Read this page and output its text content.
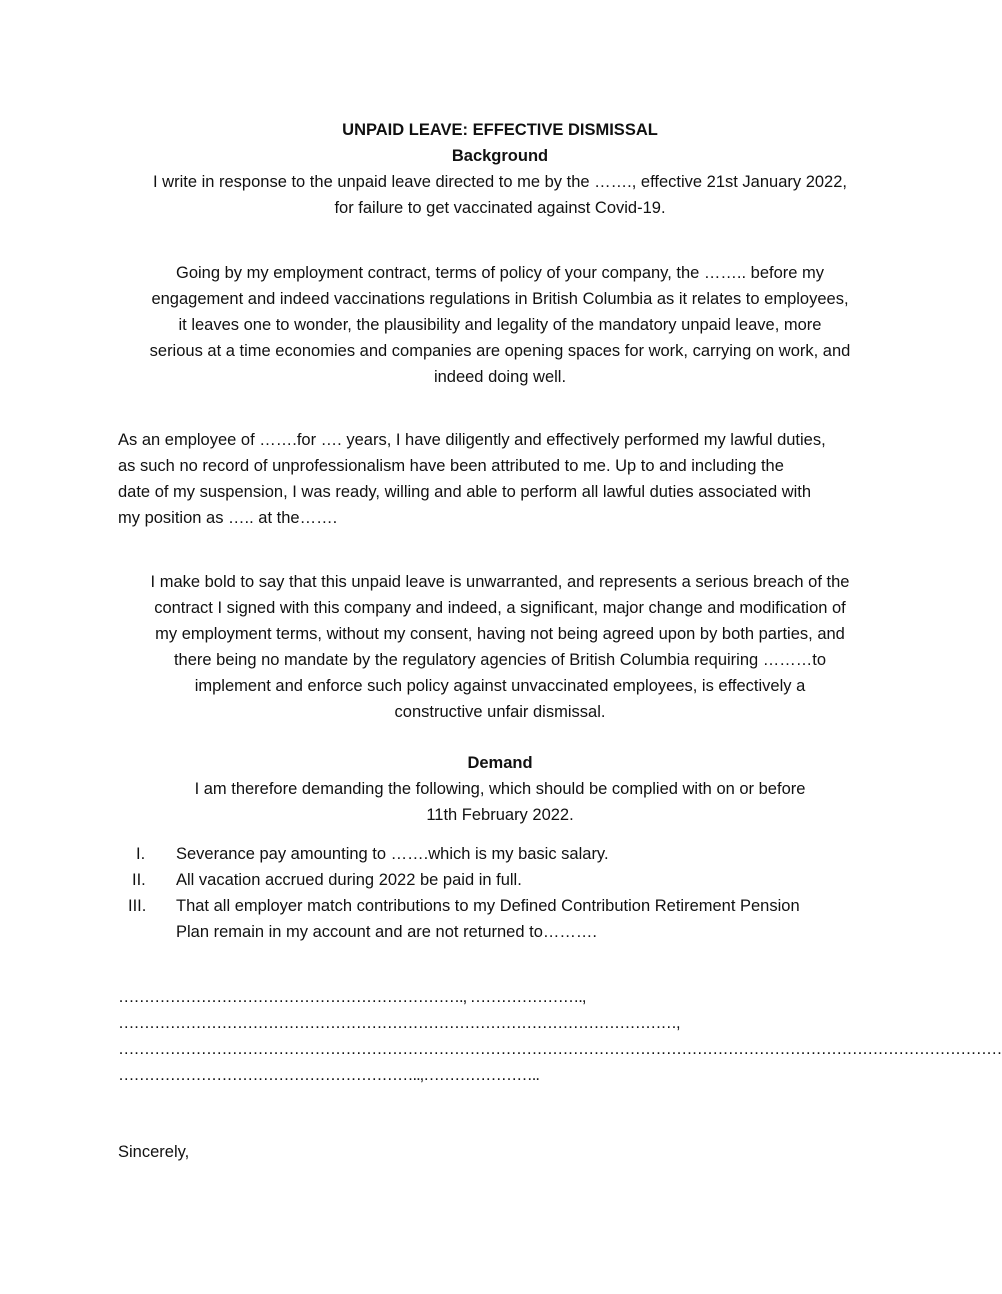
UNPAID LEAVE: EFFECTIVE DISMISSAL
Background
I write in response to the unpaid leave directed to me by the ……., effective 21st January 2022,
for failure to get vaccinated against Covid-19.
Going by my employment contract, terms of policy of your company, the …….. before my
engagement and indeed vaccinations regulations in British Columbia as it relates to employees,
it leaves one to wonder, the plausibility and legality of the mandatory unpaid leave, more
serious at a time economies and companies are opening spaces for work, carrying on work, and
indeed doing well.
As an employee of …….for …. years, I have diligently and effectively performed my lawful duties,
as such no record of unprofessionalism have been attributed to me. Up to and including the
date of my suspension, I was ready, willing and able to perform all lawful duties associated with
my position as ….. at the…….
I make bold to say that this unpaid leave is unwarranted, and represents a serious breach of the
contract I signed with this company and indeed, a significant, major change and modification of
my employment terms, without my consent, having not being agreed upon by both parties, and
there being no mandate by the regulatory agencies of British Columbia requiring ………to
implement and enforce such policy against unvaccinated employees, is effectively a
constructive unfair dismissal.
Demand
I am therefore demanding the following, which should be complied with on or before
11th February 2022.
I.	Severance pay amounting to …….which is my basic salary.
II.	All vacation accrued during 2022 be paid in full.
III.	That all employer match contributions to my Defined Contribution Retirement Pension
Plan remain in my account and are not returned to……….
…………………………………………………………., ………………….,
………………………………………………………………………………………………,
………………………………………………………………………………………………………………………………………………………
…………………………………………………..,…………………..
Sincerely,
